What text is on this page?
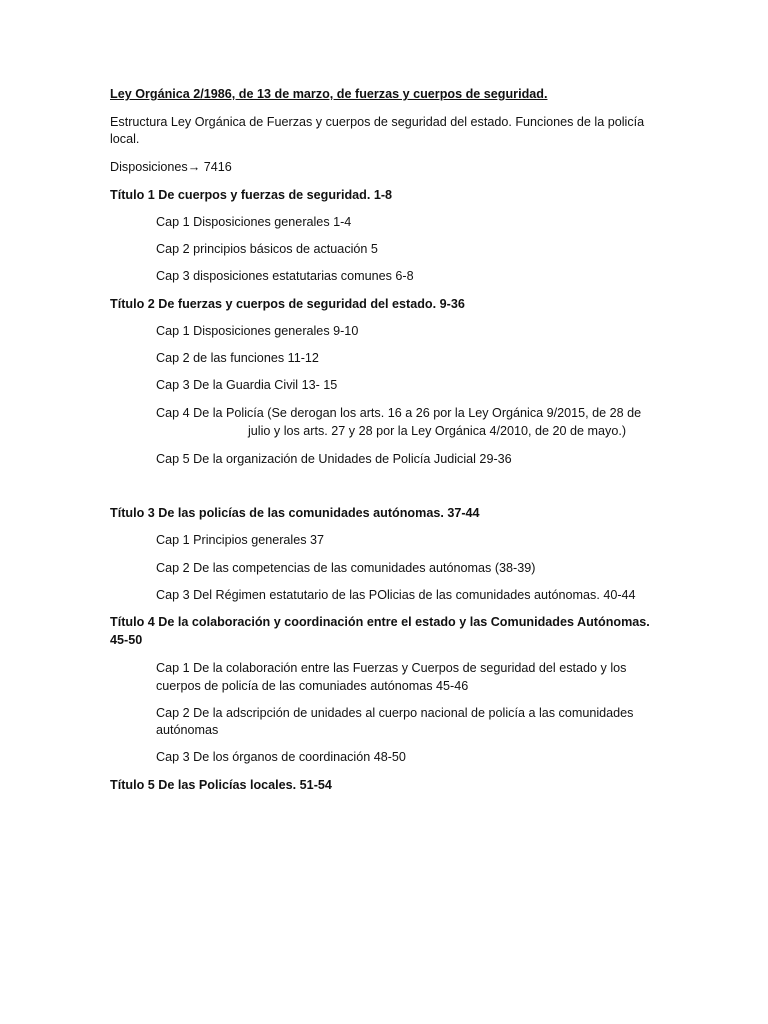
Ley Orgánica 2/1986, de 13 de marzo, de fuerzas y cuerpos de seguridad.
Estructura Ley Orgánica de Fuerzas y cuerpos de seguridad del estado. Funciones de la policía
local.
Disposiciones→ 7416
Título 1 De cuerpos y fuerzas de seguridad. 1-8
Cap 1 Disposiciones generales 1-4
Cap 2 principios básicos de actuación 5
Cap 3 disposiciones estatutarias comunes 6-8
Título 2 De fuerzas y cuerpos de seguridad del estado. 9-36
Cap 1 Disposiciones generales 9-10
Cap 2 de las funciones 11-12
Cap 3 De la Guardia Civil 13- 15
Cap 4 De la Policía (Se derogan los arts. 16 a 26 por la Ley Orgánica 9/2015, de 28 de
julio y los arts. 27 y 28 por la Ley Orgánica 4/2010, de 20 de mayo.)
Cap 5 De la organización de Unidades de Policía Judicial 29-36
Título 3 De las policías de las comunidades autónomas. 37-44
Cap 1 Principios generales 37
Cap 2 De las competencias de las comunidades autónomas (38-39)
Cap 3 Del Régimen estatutario de las POlicias de las comunidades autónomas. 40-44
Título 4 De la colaboración y coordinación entre el estado y las Comunidades Autónomas.
45-50
Cap 1 De la colaboración entre las Fuerzas y Cuerpos de seguridad del estado y los
cuerpos de policía de las comuniades autónomas 45-46
Cap 2 De la adscripción de unidades al cuerpo nacional de policía a las comunidades
autónomas
Cap 3 De los órganos de coordinación 48-50
Título 5 De las Policías locales. 51-54
